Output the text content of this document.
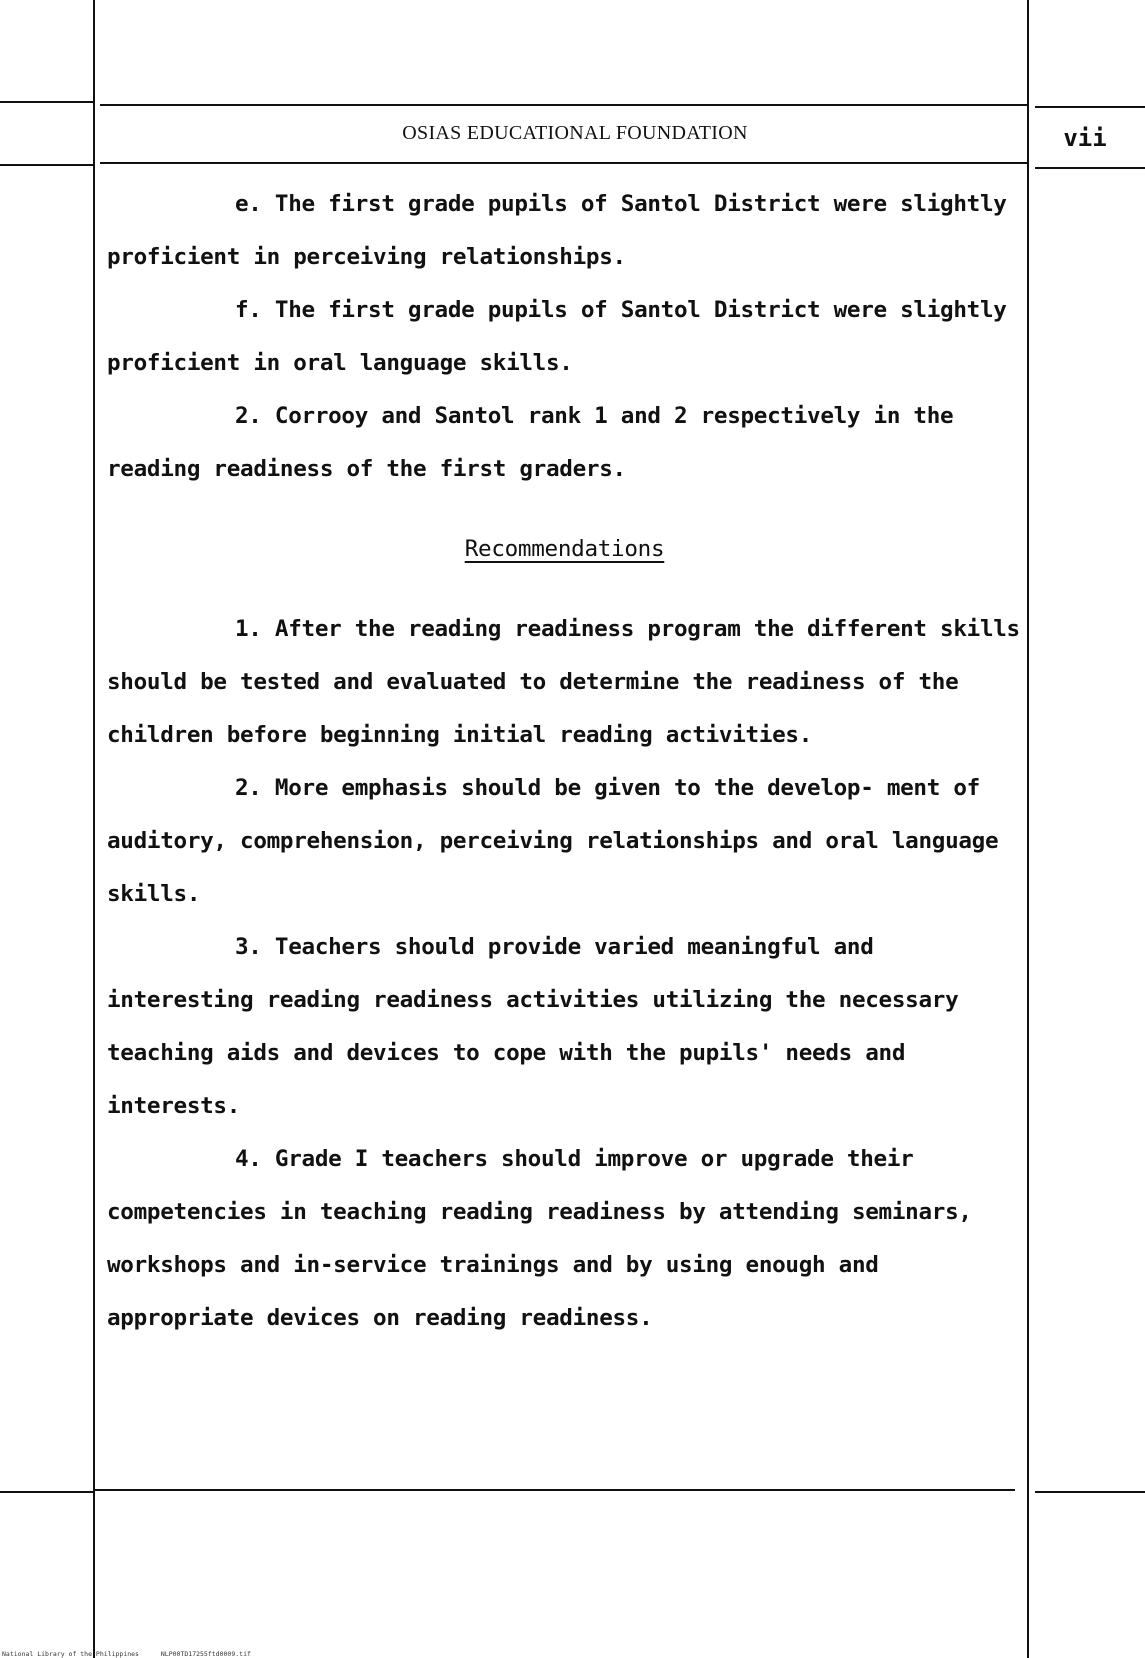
OSIAS EDUCATIONAL FOUNDATION	vii

e. The first grade pupils of Santol District were slightly proficient in perceiving relationships.

f. The first grade pupils of Santol District were slightly proficient in oral language skills.

2. Corrooy and Santol rank 1 and 2 respectively in the reading readiness of the first graders.

Recommendations

1. After the reading readiness program the different skills should be tested and evaluated to determine the readiness of the children before beginning initial reading activities.

2. More emphasis should be given to the develop- ment of auditory, comprehension, perceiving relationships and oral language skills.

3. Teachers should provide varied meaningful and interesting reading readiness activities utilizing the necessary teaching aids and devices to cope with the pupils' needs and interests.

4. Grade I teachers should improve or upgrade their competencies in teaching reading readiness by attending seminars, workshops and in-service trainings and by using enough and appropriate devices on reading readiness.

National Library of the Philippines	NLP00TD17255ftd0009.tif
